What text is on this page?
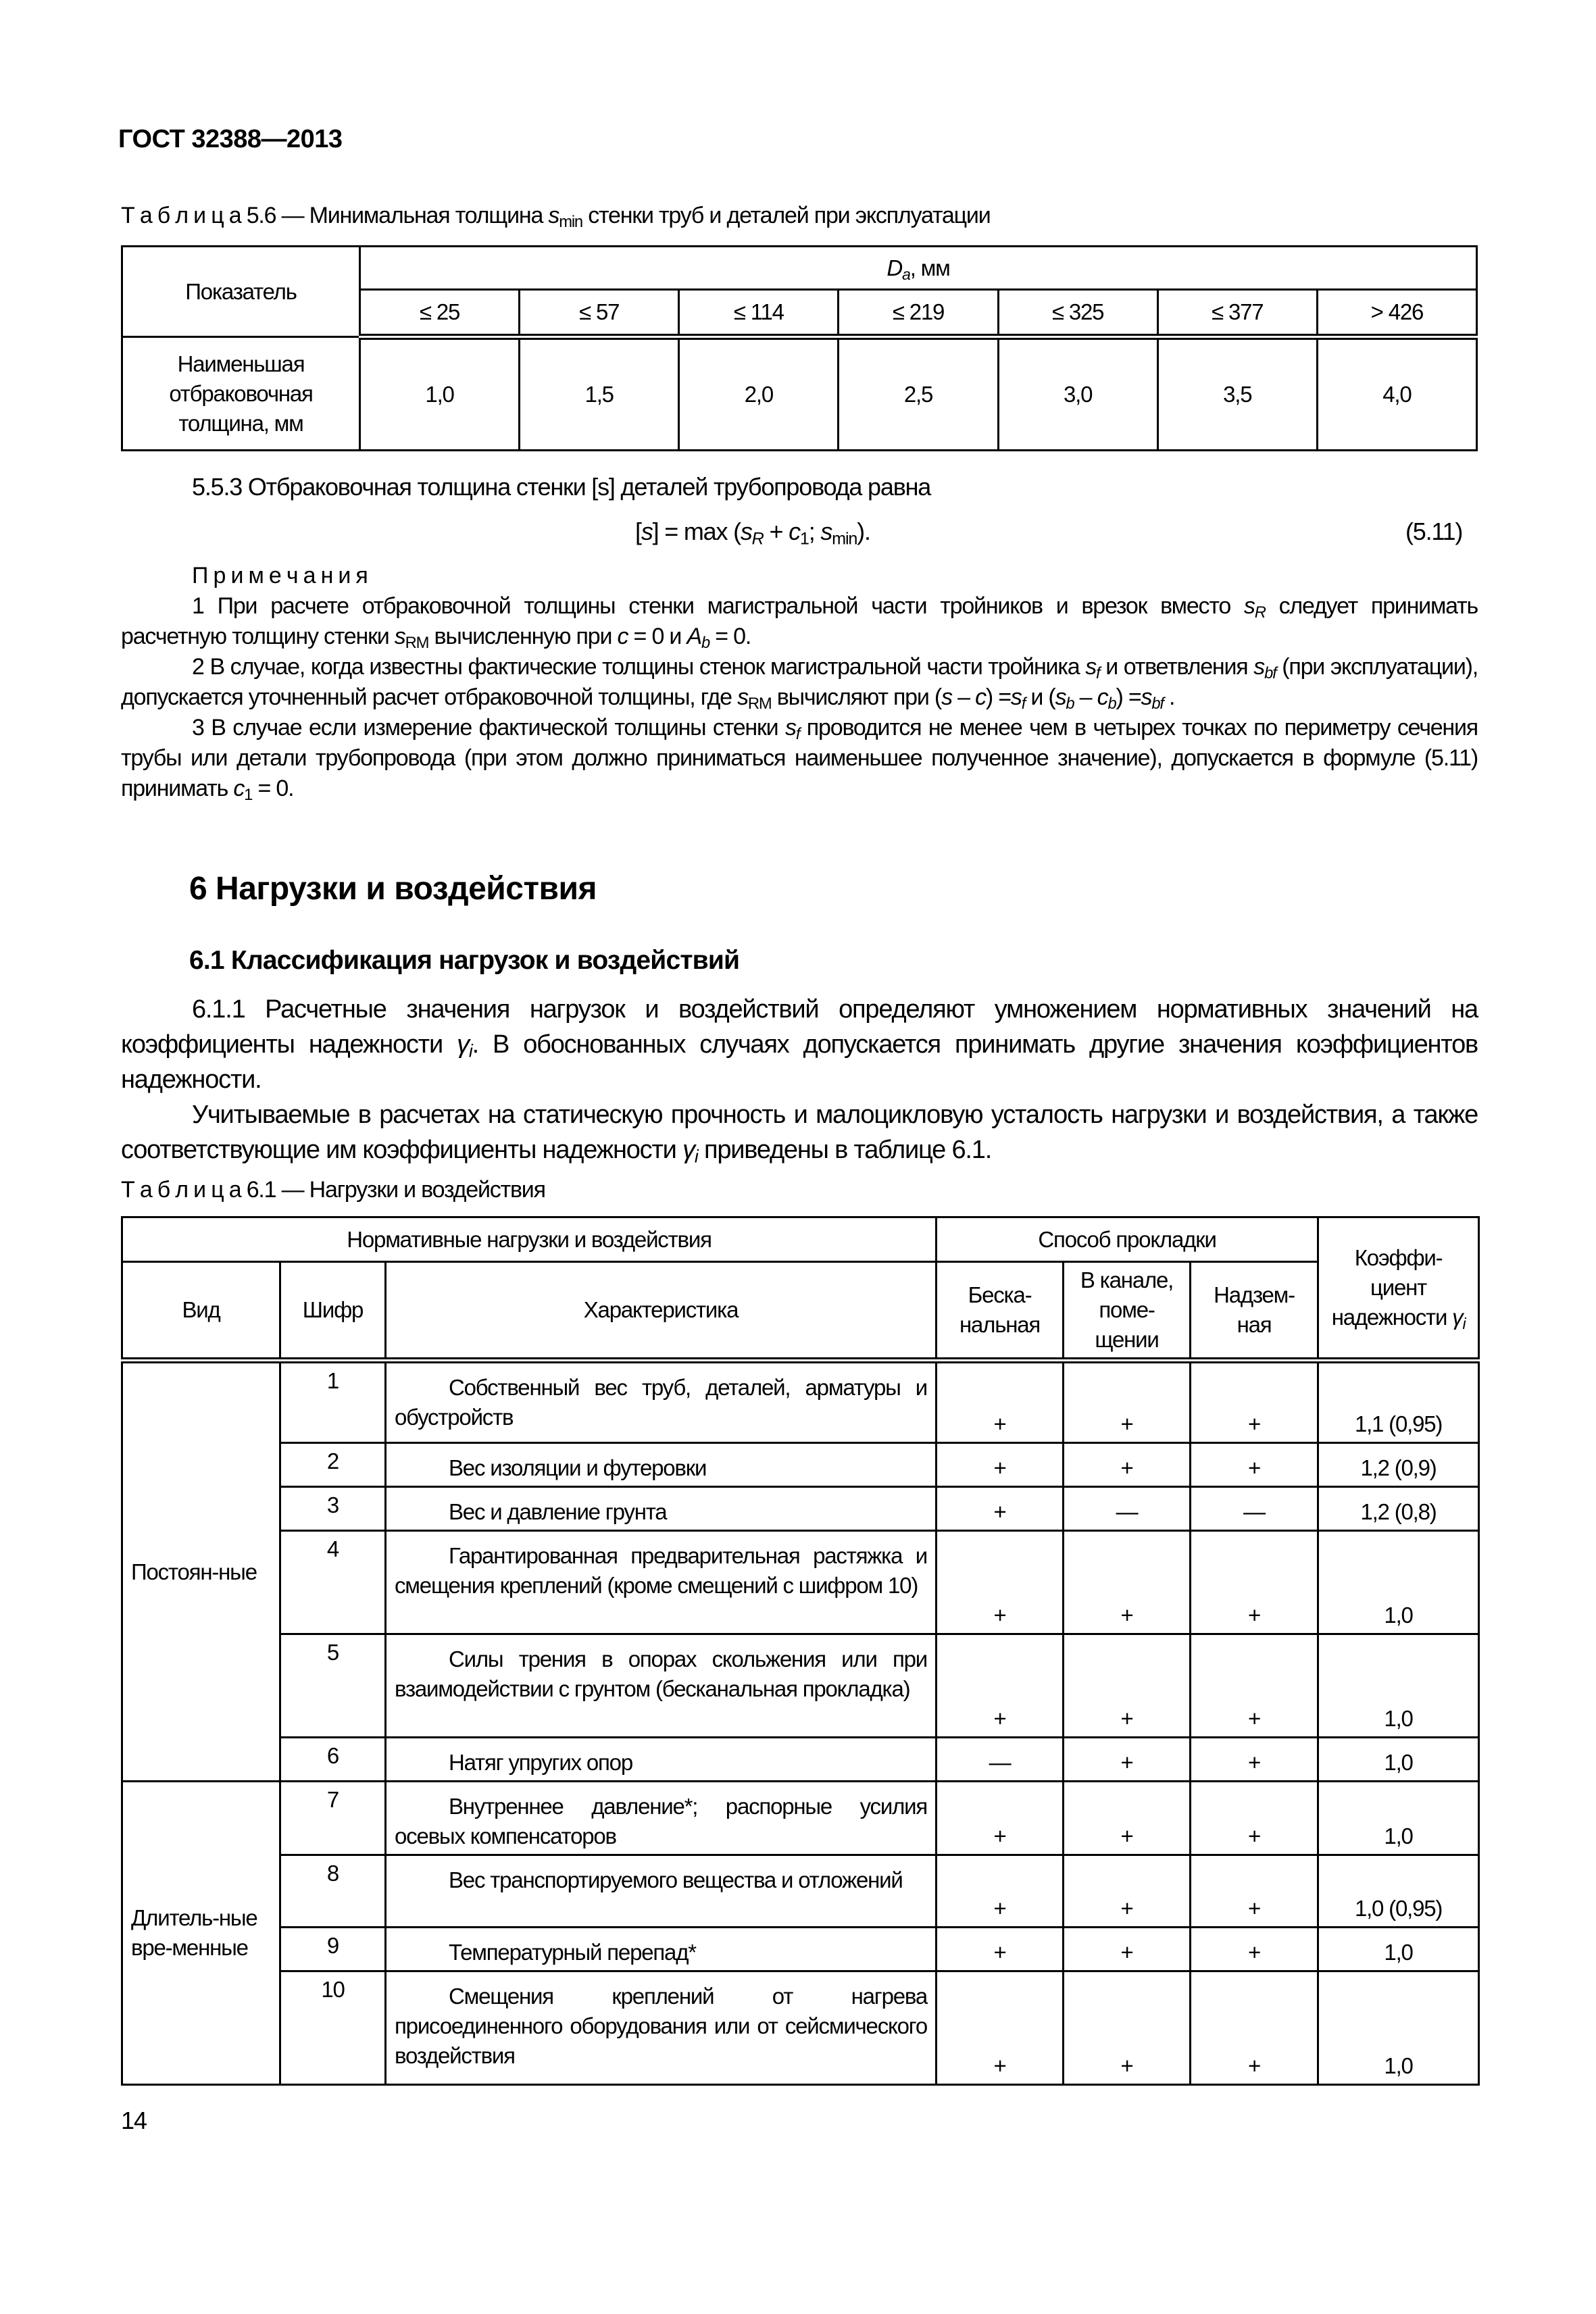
ГОСТ 32388—2013
Т а б л и ц а 5.6 — Минимальная толщина $s_{min}$ стенки труб и деталей при эксплуатации
Показатель	$D_a$, мм						
	≤ 25	≤ 57	≤ 114	≤ 219	≤ 325	≤ 377	> 426
Наименьшая отбраковочная толщина, мм	1,0	1,5	2,0	2,5	3,0	3,5	4,0
5.5.3 Отбраковочная толщина стенки [s] деталей трубопровода равна
$[s] = \max (s_R + c_1$; $s_{min}$).	(5.11)
П р и м е ч а н и я
1 При расчете отбраковочной толщины стенки магистральной части тройников и врезок вместо $s_R$ следует принимать расчетную толщину стенки $s_{RM}$ вычисленную при c = 0 и $A_b = 0$.
2 В случае, когда известны фактические толщины стенок магистральной части тройника $s_f$ и ответвления $s_{bf}$ (при эксплуатации), допускается уточненный расчет отбраковочной толщины, где $s_{RM}$ вычисляют при $(s - c) =s_f$ и $(s_b - c_b) =s_{bf}$ .
3 В случае если измерение фактической толщины стенки $s_f$ проводится не менее чем в четырех точках по периметру сечения трубы или детали трубопровода (при этом должно приниматься наименьшее полученное значение), допускается в формуле (5.11) принимать $c_1 = 0$.
6 Нагрузки и воздействия
6.1 Классификация нагрузок и воздействий
6.1.1 Расчетные значения нагрузок и воздействий определяют умножением нормативных значений на коэффициенты надежности $\gamma_i$. В обоснованных случаях допускается принимать другие значения коэффициентов надежности.
Учитываемые в расчетах на статическую прочность и малоцикловую усталость нагрузки и воздействия, а также соответствующие им коэффициенты надежности $\gamma_i$ приведены в таблице 6.1.
Т а б л и ц а 6.1 — Нагрузки и воздействия
Нормативные нагрузки и воздействия			Способ прокладки			Коэффи-циент надежности $\gamma_i$
Вид	Шифр	Характеристика	Беска-нальная	В канале, поме-щении	Надзем-ная	
Постоян-ные	1	Собственный вес труб, деталей, арматуры и обустройств	+	+	+	1,1 (0,95)
	2	Вес изоляции и футеровки	+	+	+	1,2 (0,9)
	3	Вес и давление грунта	+	—	—	1,2 (0,8)
	4	Гарантированная предварительная растяжка и смещения креплений (кроме смещений с шифром 10)	+	+	+	1,0
	5	Силы трения в опорах скольжения или при взаимодействии с грунтом (бесканальная прокладка)	+	+	+	1,0
	6	Натяг упругих опор	—	+	+	1,0
Длитель-ные вре-менные	7	Внутреннее давление*; распорные усилия осевых компенсаторов	+	+	+	1,0
	8	Вес транспортируемого вещества и отложений	+	+	+	1,0 (0,95)
	9	Температурный перепад*	+	+	+	1,0
	10	Смещения креплений от нагрева присоединенного оборудования или от сейсмического воздействия	+	+	+	1,0
14
